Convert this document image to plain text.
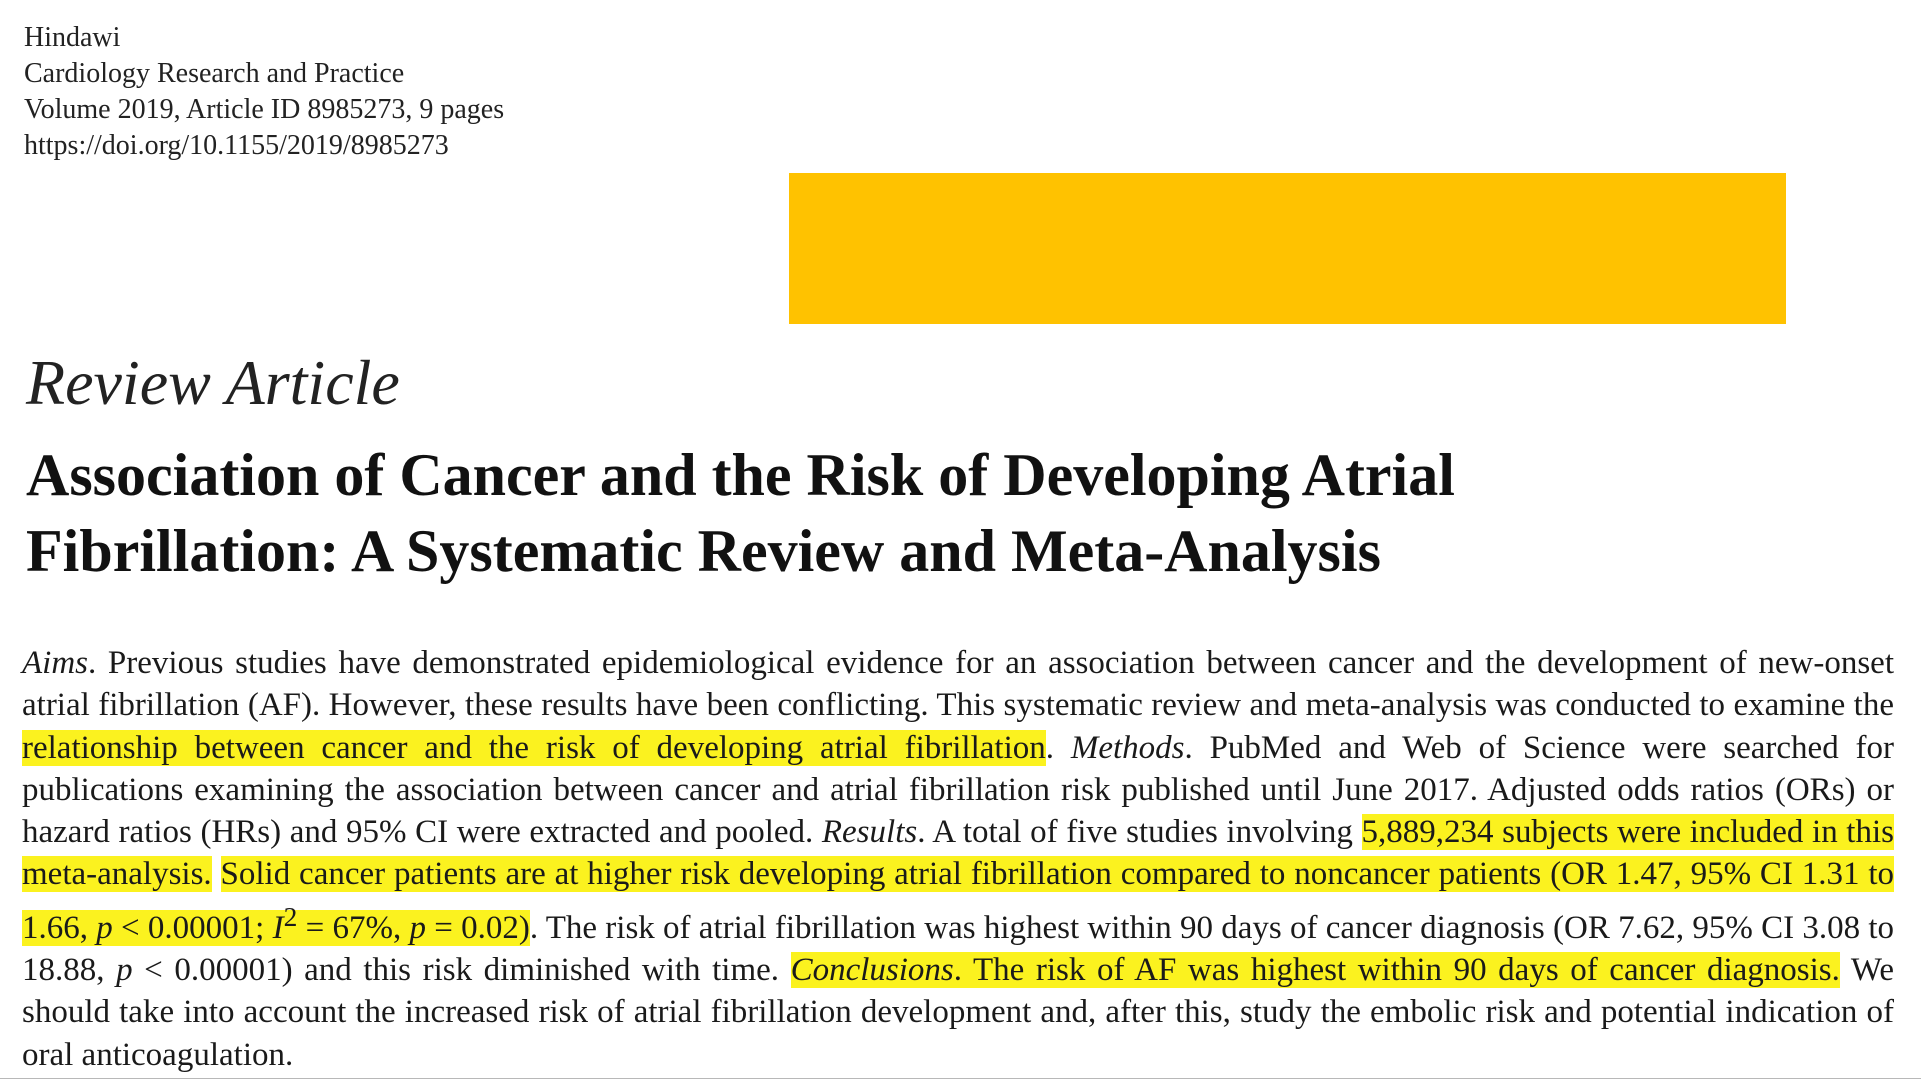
Hindawi
Cardiology Research and Practice
Volume 2019, Article ID 8985273, 9 pages
https://doi.org/10.1155/2019/8985273
Review Article
Association of Cancer and the Risk of Developing Atrial
Fibrillation: A Systematic Review and Meta-Analysis
Aims. Previous studies have demonstrated epidemiological evidence for an association between cancer and the development of new-onset atrial fibrillation (AF). However, these results have been conflicting. This systematic review and meta-analysis was conducted to examine the relationship between cancer and the risk of developing atrial fibrillation. Methods. PubMed and Web of Science were searched for publications examining the association between cancer and atrial fibrillation risk published until June 2017. Adjusted odds ratios (ORs) or hazard ratios (HRs) and 95% CI were extracted and pooled. Results. A total of five studies involving 5,889,234 subjects were included in this meta-analysis. Solid cancer patients are at higher risk developing atrial fibrillation compared to noncancer patients (OR 1.47, 95% CI 1.31 to 1.66, p < 0.00001; $I^2 = 67\%$, p = 0.02). The risk of atrial fibrillation was highest within 90 days of cancer diagnosis (OR 7.62, 95% CI 3.08 to 18.88, p < 0.00001) and this risk diminished with time. Conclusions. The risk of AF was highest within 90 days of cancer diagnosis. We should take into account the increased risk of atrial fibrillation development and, after this, study the embolic risk and potential indication of oral anticoagulation.
